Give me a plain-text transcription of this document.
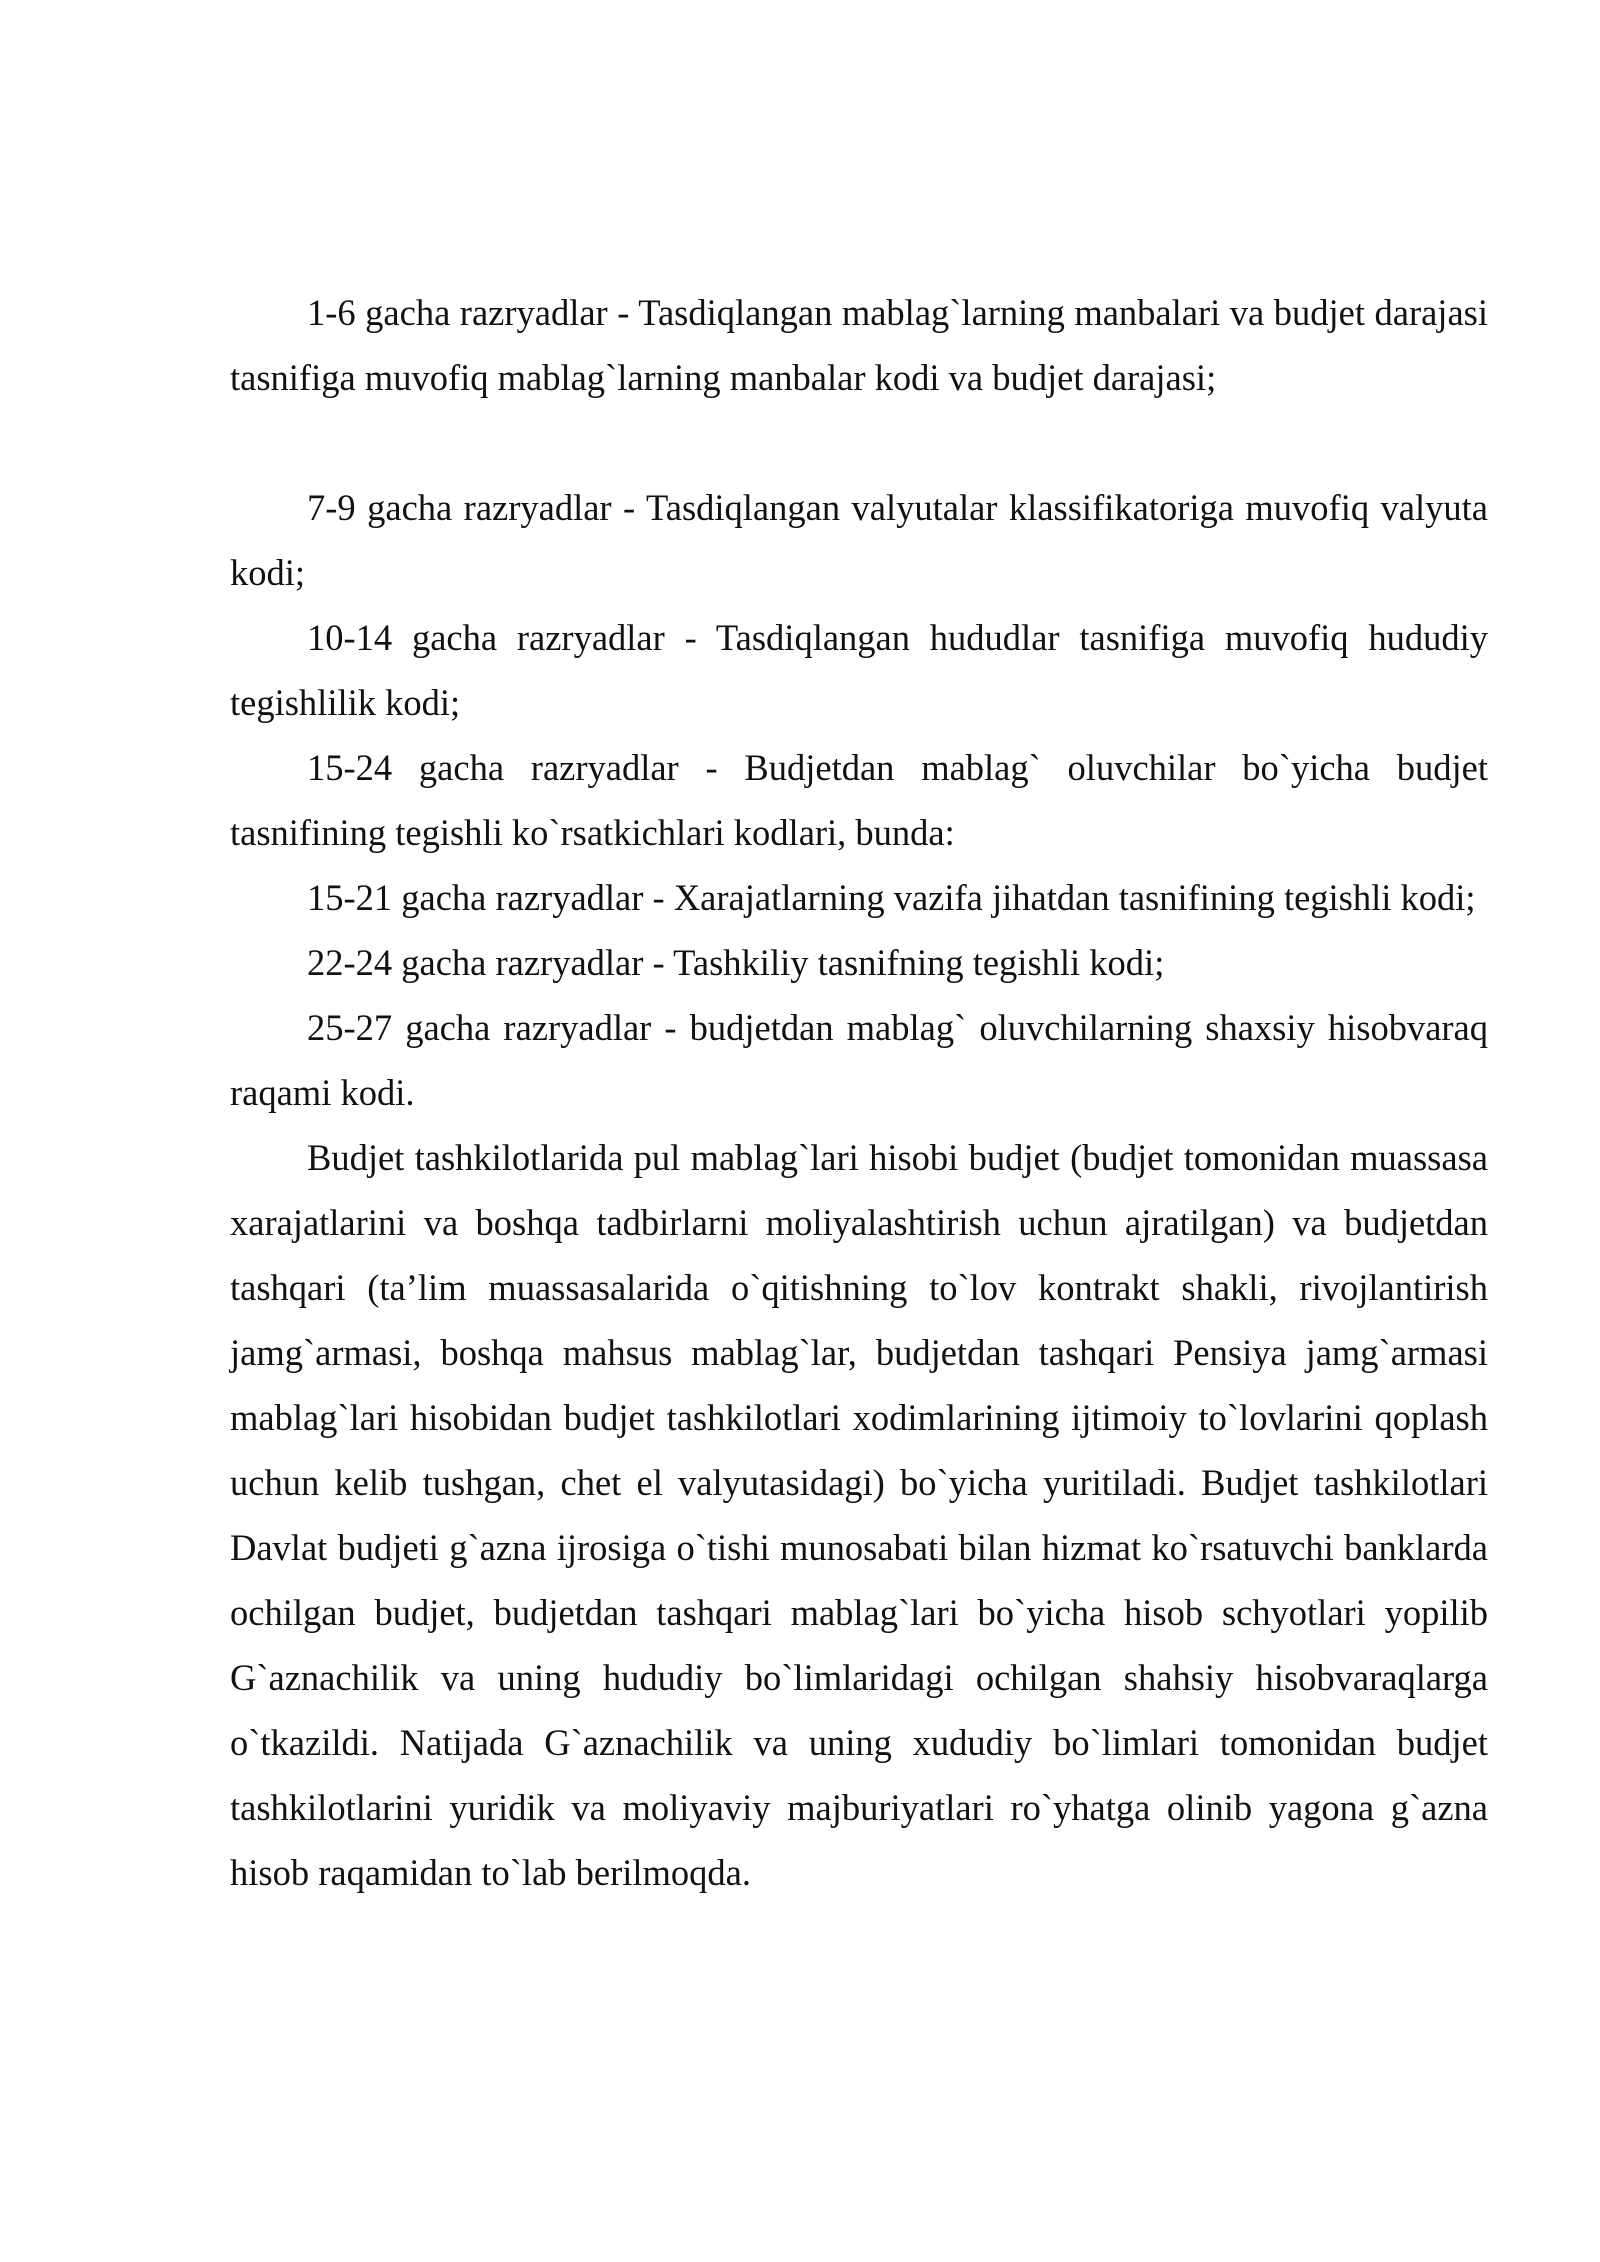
1-6 gacha razryadlar - Tasdiqlangan mablag`larning manbalari va budjet darajasi tasnifiga muvofiq mablag`larning manbalar kodi va budjet darajasi;

7-9 gacha razryadlar - Tasdiqlangan valyutalar klassifikatoriga muvofiq valyuta kodi;

10-14 gacha razryadlar - Tasdiqlangan hududlar tasnifiga muvofiq hududiy tegishlilik kodi;

15-24 gacha razryadlar - Budjetdan mablag` oluvchilar bo`yicha budjet tasnifining tegishli ko`rsatkichlari kodlari, bunda:

15-21 gacha razryadlar - Xarajatlarning vazifa jihatdan tasnifining tegishli kodi;

22-24 gacha razryadlar - Tashkiliy tasnifning tegishli kodi;

25-27 gacha razryadlar - budjetdan mablag` oluvchilarning shaxsiy hisobvaraq raqami kodi.

Budjet tashkilotlarida pul mablag`lari hisobi budjet (budjet tomonidan muassasa xarajatlarini va boshqa tadbirlarni moliyalashtirish uchun ajratilgan) va budjetdan tashqari (ta’lim muassasalarida o`qitishning to`lov kontrakt shakli, rivojlantirish jamg`armasi, boshqa mahsus mablag`lar, budjetdan tashqari Pensiya jamg`armasi mablag`lari hisobidan budjet tashkilotlari xodimlarining ijtimoiy to`lovlarini qoplash uchun kelib tushgan, chet el valyutasidagi) bo`yicha yuritiladi. Budjet tashkilotlari Davlat budjeti g`azna ijrosiga o`tishi munosabati bilan hizmat ko`rsatuvchi banklarda ochilgan budjet, budjetdan tashqari mablag`lari bo`yicha hisob schyotlari yopilib G`aznachilik va uning hududiy bo`limlaridagi ochilgan shahsiy hisobvaraqlarga o`tkazildi. Natijada G`aznachilik va uning xududiy bo`limlari tomonidan budjet tashkilotlarini yuridik va moliyaviy majburiyatlari ro`yhatga olinib yagona g`azna hisob raqamidan to`lab berilmoqda.
